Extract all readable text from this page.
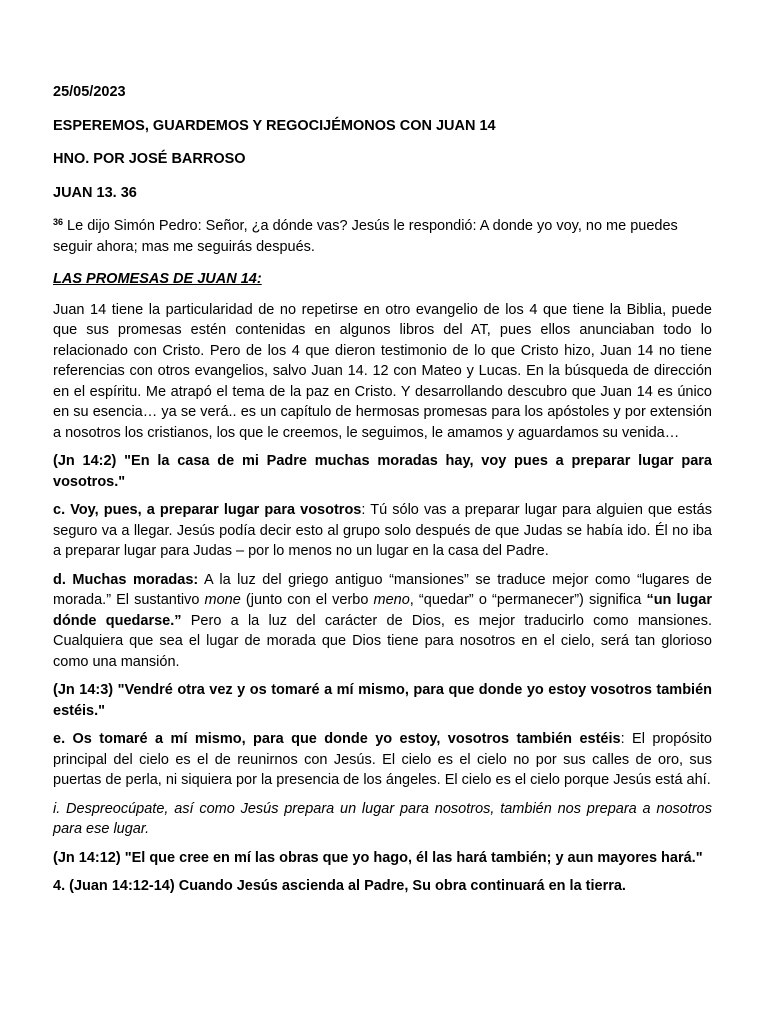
25/05/2023

ESPEREMOS, GUARDEMOS Y REGOCIJÉMONOS CON JUAN 14

HNO. POR JOSÉ BARROSO

JUAN 13. 36

$^{36}$ Le dijo Simón Pedro: Señor, ¿a dónde vas? Jesús le respondió: A donde yo voy, no me puedes seguir ahora; mas me seguirás después.

LAS PROMESAS DE JUAN 14:

Juan 14 tiene la particularidad de no repetirse en otro evangelio de los 4 que tiene la Biblia, puede que sus promesas estén contenidas en algunos libros del AT, pues ellos anunciaban todo lo relacionado con Cristo. Pero de los 4 que dieron testimonio de lo que Cristo hizo, Juan 14 no tiene referencias con otros evangelios, salvo Juan 14. 12 con Mateo y Lucas. En la búsqueda de dirección en el espíritu. Me atrapó el tema de la paz en Cristo. Y desarrollando descubro que Juan 14 es único en su esencia… ya se verá.. es un capítulo de hermosas promesas para los apóstoles y por extensión a nosotros los cristianos, los que le creemos, le seguimos, le amamos y aguardamos su venida…

(Jn 14:2) "En la casa de mi Padre muchas moradas hay, voy pues a preparar lugar para vosotros."

c. Voy, pues, a preparar lugar para vosotros: Tú sólo vas a preparar lugar para alguien que estás seguro va a llegar. Jesús podía decir esto al grupo solo después de que Judas se había ido. Él no iba a preparar lugar para Judas – por lo menos no un lugar en la casa del Padre.

d. Muchas moradas: A la luz del griego antiguo “mansiones” se traduce mejor como “lugares de morada.” El sustantivo mone (junto con el verbo meno, “quedar” o “permanecer”) significa “un lugar dónde quedarse.” Pero a la luz del carácter de Dios, es mejor traducirlo como mansiones. Cualquiera que sea el lugar de morada que Dios tiene para nosotros en el cielo, será tan glorioso como una mansión.

(Jn 14:3) "Vendré otra vez y os tomaré a mí mismo, para que donde yo estoy vosotros también estéis."

e. Os tomaré a mí mismo, para que donde yo estoy, vosotros también estéis: El propósito principal del cielo es el de reunirnos con Jesús. El cielo es el cielo no por sus calles de oro, sus puertas de perla, ni siquiera por la presencia de los ángeles. El cielo es el cielo porque Jesús está ahí.

i. Despreocúpate, así como Jesús prepara un lugar para nosotros, también nos prepara a nosotros para ese lugar.

(Jn 14:12) "El que cree en mí las obras que yo hago, él las hará también; y aun mayores hará."

4. (Juan 14:12-14) Cuando Jesús ascienda al Padre, Su obra continuará en la tierra.
